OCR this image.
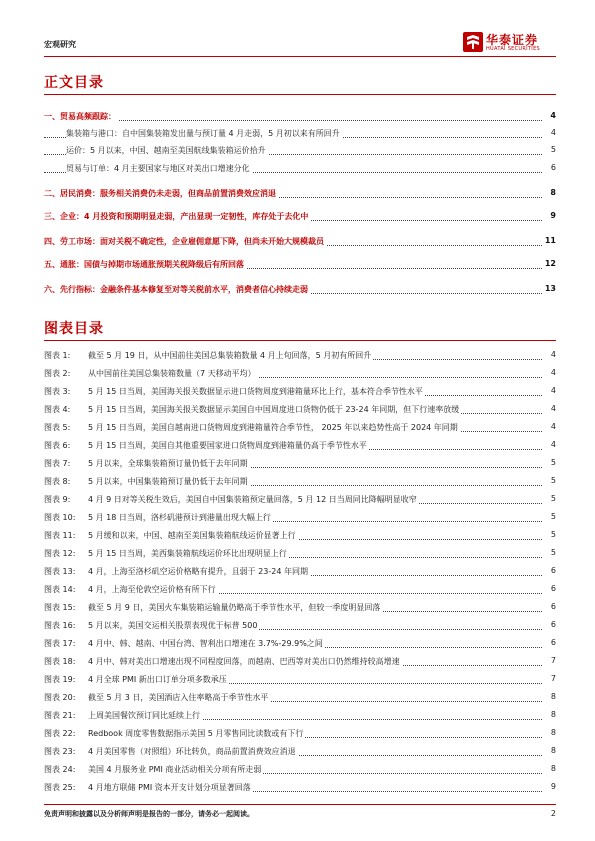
宏观研究	华泰证券
HUATAI SECURITIES
正文目录
一、贸易高频跟踪：	4
集装箱与港口：自中国集装箱发出量与预订量 4 月走弱，5 月初以来有所回升	4
运价：5 月以来，中国、越南至美国航线集装箱运价拾升	5
贸易与订单：4 月主要国家与地区对美出口增速分化	6
二、居民消费：服务相关消费仍未走弱，但商品前置消费效应消退	8
三、企业：4 月投资和预期明显走弱，产出显现一定韧性，库存处于去化中	9
四、劳工市场：面对关税不确定性，企业雇佣意愿下降，但尚未开始大规模裁员	11
五、通胀：国债与掉期市场通胀预期关税降级后有所回落	12
六、先行指标：金融条件基本修复至对等关税前水平，消费者信心持续走弱	13
图表目录
图表 1: 截至 5 月 19 日，从中国前往美国总集装箱数量 4 月上旬回落，5 月初有所回升	4
图表 2: 从中国前往美国总集装箱数量（7 天移动平均）	4
图表 3: 5 月 15 日当周，美国海关报关数据显示进口货物周度到港箱量环比上行，基本符合季节性水平	4
图表 4: 5 月 15 日当周，美国海关报关数据显示美国自中国周度进口货物仍低于 23-24 年同期，但下行速率放缓	4
图表 5: 5 月 15 日当周，美国自越南进口货物周度到港箱量符合季节性， 2025 年以来趋势性高于 2024 年同期	4
图表 6: 5 月 15 日当周，美国自其他重要国家进口货物周度到港箱量仍高于季节性水平	4
图表 7: 5 月以来，全球集装箱预订量仍低于去年同期	5
图表 8: 5 月以来，中国集装箱预订量仍低于去年同期	5
图表 9: 4 月 9 日对等关税生效后，美国自中国集装箱预定量回落，5 月 12 日当周同比降幅明显收窄	5
图表 10: 5 月 18 日当周，洛杉矶港预计到港量出现大幅上行	5
图表 11: 5 月缓和以来，中国、越南至美国集装箱航线运价显著上行	5
图表 12: 5 月 15 日当周，美西集装箱航线运价环比出现明显上行	5
图表 13: 4 月，上海至洛杉矶空运价格略有提升，且弱于 23-24 年同期	6
图表 14: 4 月，上海至伦敦空运价格有所下行	6
图表 15: 截至 5 月 9 日，美国火车集装箱运输量仍略高于季节性水平，但较一季度明显回落	6
图表 16: 5 月以来，美国交运相关股票表现优于标普 500	6
图表 17: 4 月中、韩、越南、中国台湾、智利出口增速在 3.7%-29.9%之间	6
图表 18: 4 月中、韩对美出口增速出现不同程度回落，而越南、巴西等对美出口仍然维持较高增速	7
图表 19: 4 月全球 PMI 新出口订单分项多数承压	7
图表 20: 截至 5 月 3 日，美国酒店入住率略高于季节性水平	8
图表 21: 上周美国餐饮预订同比延续上行	8
图表 22: Redbook 周度零售数据指示美国 5 月零售同比读数或有下行	8
图表 23: 4 月美国零售（对照组）环比转负，商品前置消费效应消退	8
图表 24: 美国 4 月服务业 PMI 商业活动相关分项有所走弱	8
图表 25: 4 月地方联储 PMI 资本开支计划分项显著回落	9
免责声明和披露以及分析师声明是报告的一部分，请务必一起阅读。	2
